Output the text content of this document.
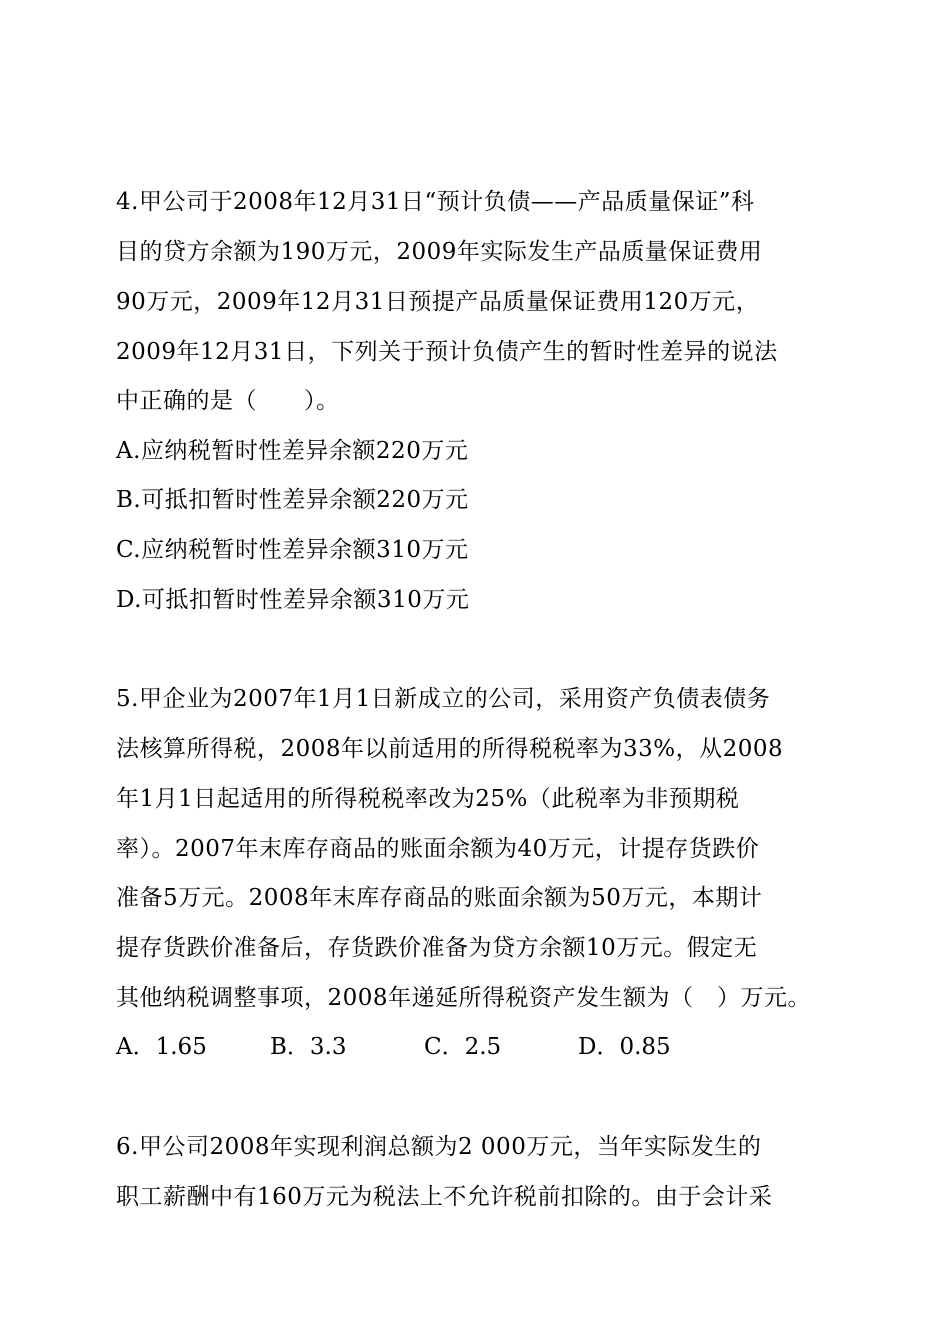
4.甲公司于2008年12月31日“预计负债——产品质量保证”科
目的贷方余额为190万元，2009年实际发生产品质量保证费用
90万元，2009年12月31日预提产品质量保证费用120万元，
2009年12月31日，下列关于预计负债产生的暂时性差异的说法
中正确的是（　　）。
A.应纳税暂时性差异余额220万元
B.可抵扣暂时性差异余额220万元
C.应纳税暂时性差异余额310万元
D.可抵扣暂时性差异余额310万元
5.甲企业为2007年1月1日新成立的公司，采用资产负债表债务
法核算所得税，2008年以前适用的所得税税率为33%，从2008
年1月1日起适用的所得税税率改为25%（此税率为非预期税
率）。2007年末库存商品的账面余额为40万元，计提存货跌价
准备5万元。2008年末库存商品的账面余额为50万元，本期计
提存货跌价准备后，存货跌价准备为贷方余额10万元。假定无
其他纳税调整事项，2008年递延所得税资产发生额为（　）万元。
A．1.65	B．3.3	C．2.5	D．0.85
6.甲公司2008年实现利润总额为2 000万元，当年实际发生的
职工薪酬中有160万元为税法上不允许税前扣除的。由于会计采
